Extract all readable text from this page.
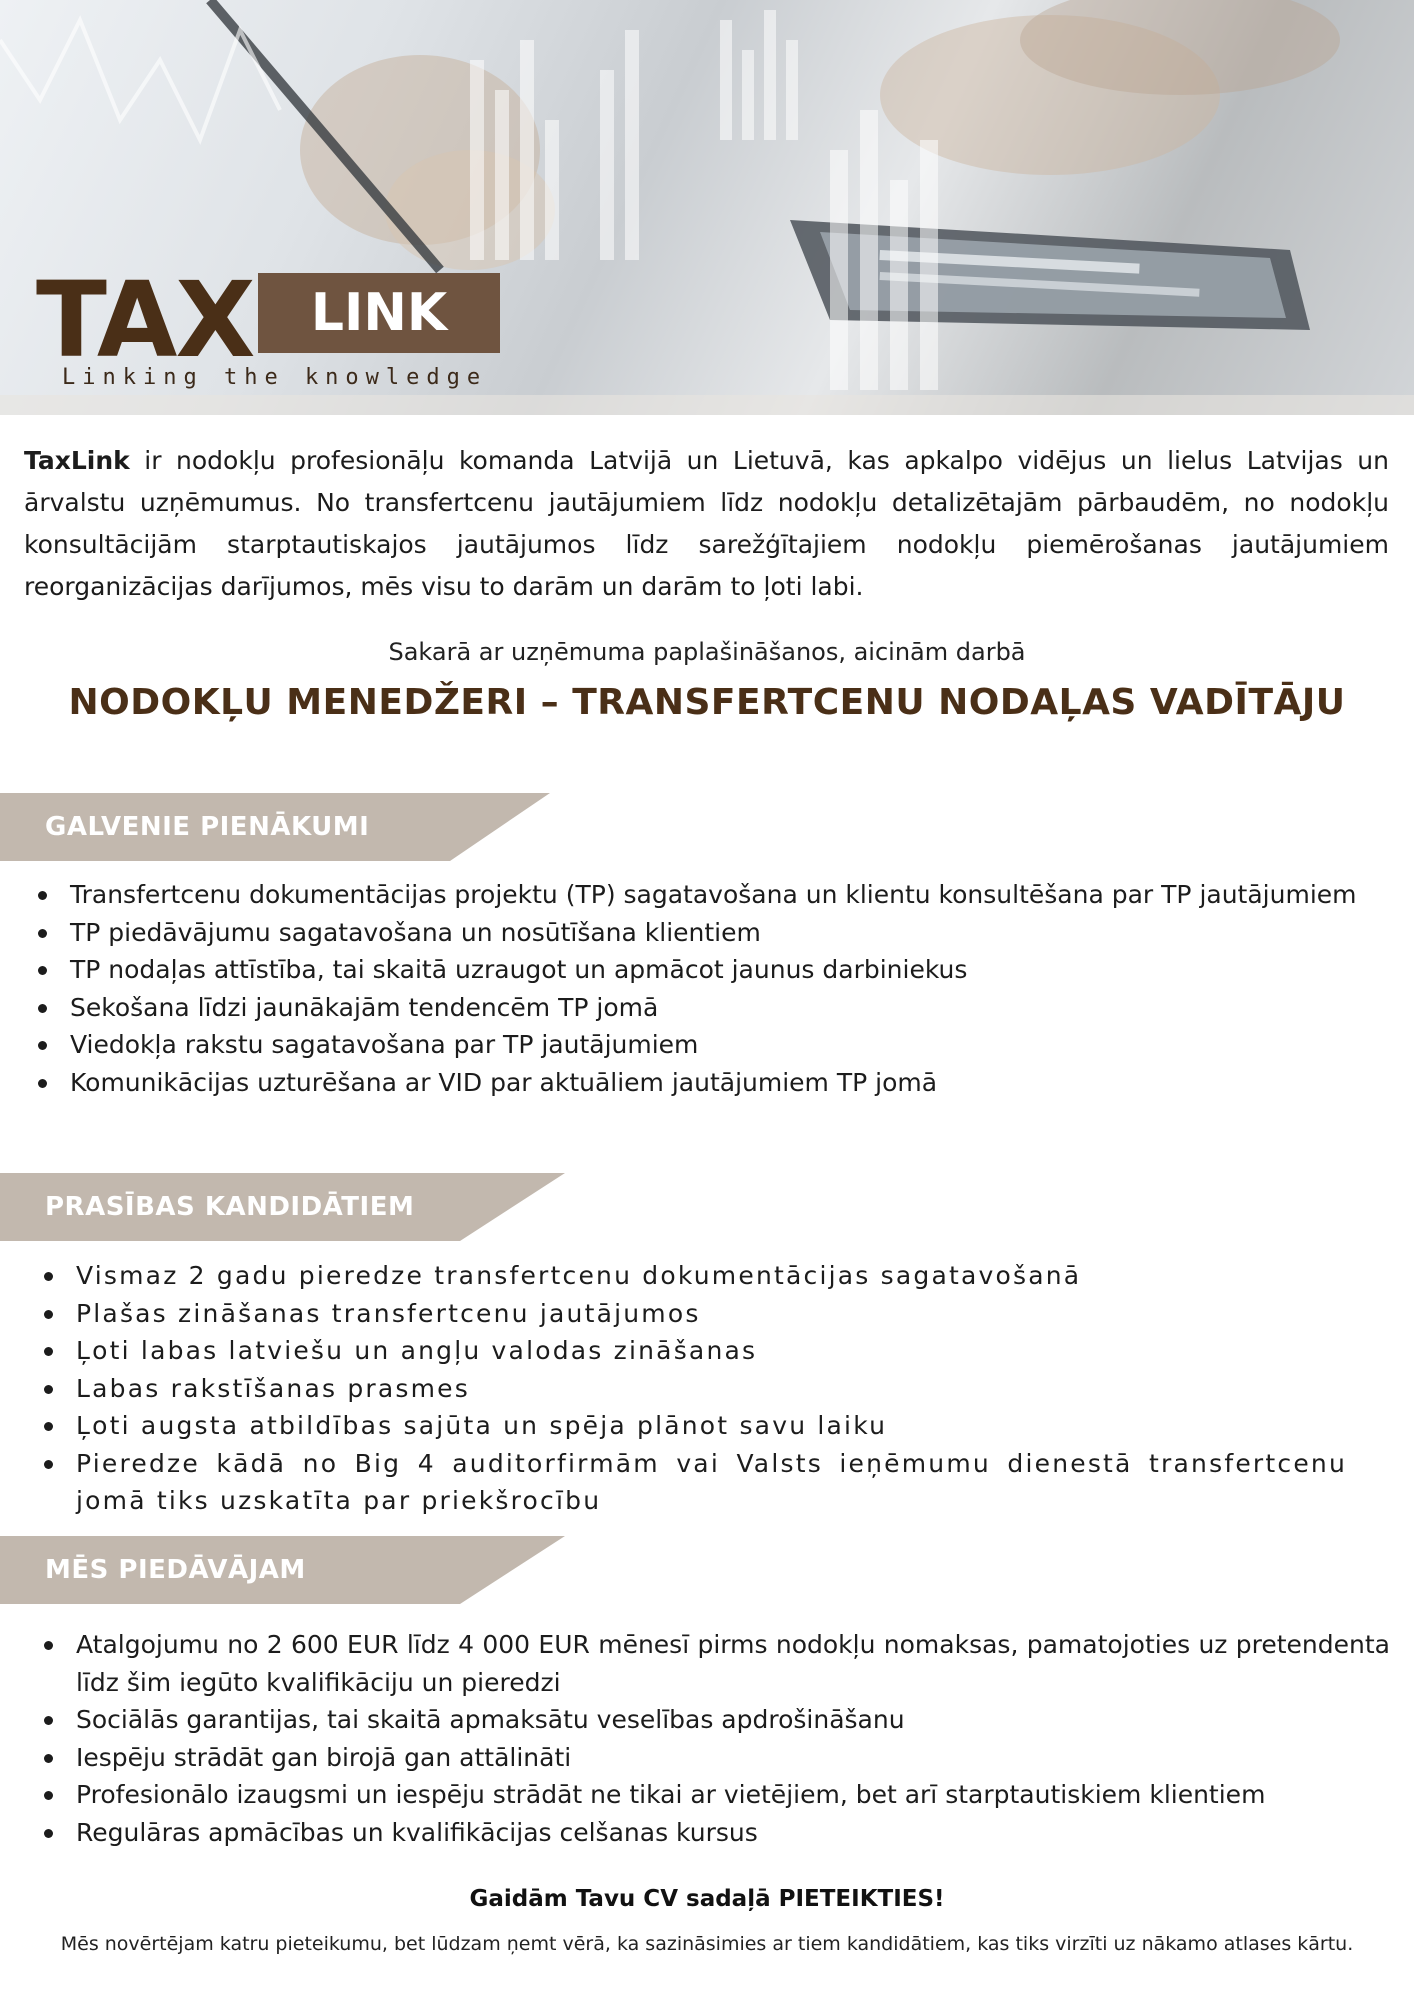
TAX	LINK
Linking the knowledge
TaxLink ir nodokļu profesionāļu komanda Latvijā un Lietuvā, kas apkalpo vidējus un lielus Latvijas un ārvalstu uzņēmumus. No transfertcenu jautājumiem līdz nodokļu detalizētajām pārbaudēm, no nodokļu konsultācijām starptautiskajos jautājumos līdz sarežģītajiem nodokļu piemērošanas jautājumiem reorganizācijas darījumos, mēs visu to darām un darām to ļoti labi.
Sakarā ar uzņēmuma paplašināšanos, aicinām darbā
NODOKĻU MENEDŽERI – TRANSFERTCENU NODAĻAS VADĪTĀJU
GALVENIE PIENĀKUMI
Transfertcenu dokumentācijas projektu (TP) sagatavošana un klientu konsultēšana par TP jautājumiem
TP piedāvājumu sagatavošana un nosūtīšana klientiem
TP nodaļas attīstība, tai skaitā uzraugot un apmācot jaunus darbiniekus
Sekošana līdzi jaunākajām tendencēm TP jomā
Viedokļa rakstu sagatavošana par TP jautājumiem
Komunikācijas uzturēšana ar VID par aktuāliem jautājumiem TP jomā
PRASĪBAS KANDIDĀTIEM
Vismaz 2 gadu pieredze transfertcenu dokumentācijas sagatavošanā
Plašas zināšanas transfertcenu jautājumos
Ļoti labas latviešu un angļu valodas zināšanas
Labas rakstīšanas prasmes
Ļoti augsta atbildības sajūta un spēja plānot savu laiku
Pieredze kādā no Big 4 auditorfirmām vai Valsts ieņēmumu dienestā transfertcenu jomā tiks uzskatīta par priekšrocību
MĒS PIEDĀVĀJAM
Atalgojumu no 2 600 EUR līdz 4 000 EUR mēnesī pirms nodokļu nomaksas, pamatojoties uz pretendenta līdz šim iegūto kvalifikāciju un pieredzi
Sociālās garantijas, tai skaitā apmaksātu veselības apdrošināšanu
Iespēju strādāt gan birojā gan attālināti
Profesionālo izaugsmi un iespēju strādāt ne tikai ar vietējiem, bet arī starptautiskiem klientiem
Regulāras apmācības un kvalifikācijas celšanas kursus
Gaidām Tavu CV sadaļā PIETEIKTIES!
Mēs novērtējam katru pieteikumu, bet lūdzam ņemt vērā, ka sazināsimies ar tiem kandidātiem, kas tiks virzīti uz nākamo atlases kārtu.
